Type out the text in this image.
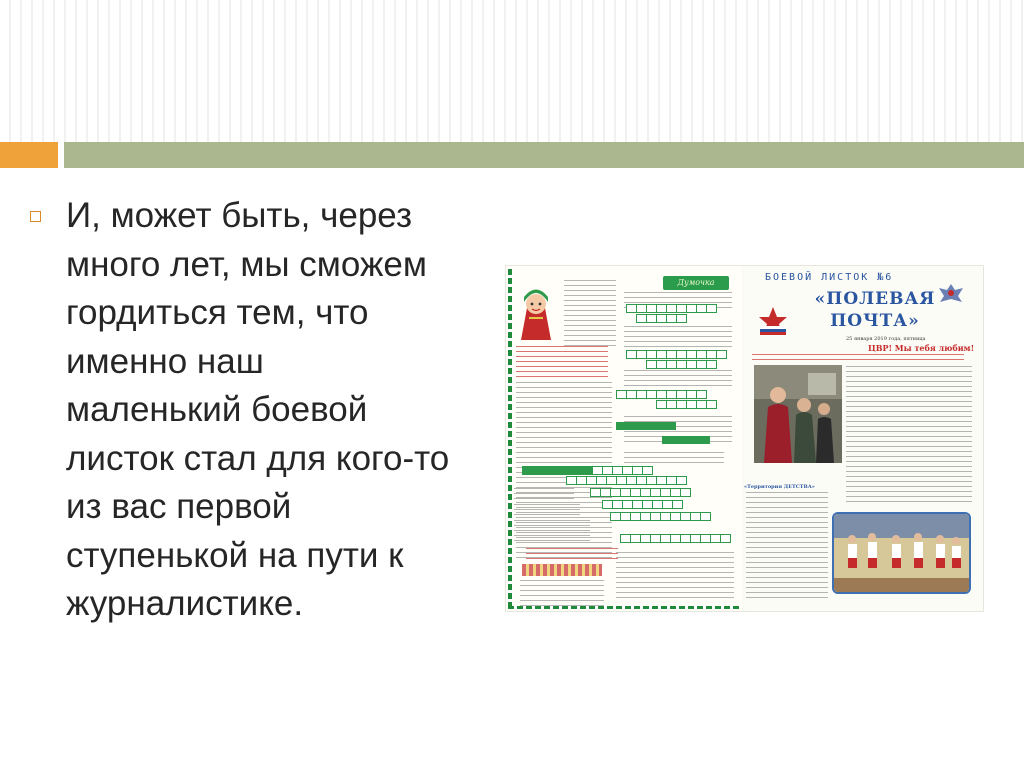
И, может быть, через
много лет, мы сможем
гордиться тем, что
именно наш
маленький боевой
листок стал для кого-то
из вас первой
ступенькой на пути к
журналистике.
Думочка	БОЕВОЙ ЛИСТОК №6
«ПОЛЕВАЯ
ПОЧТА»
25 января 2019 года, пятница
ЦВР! Мы тебя любим!
«Территория ДЕТСТВА»
